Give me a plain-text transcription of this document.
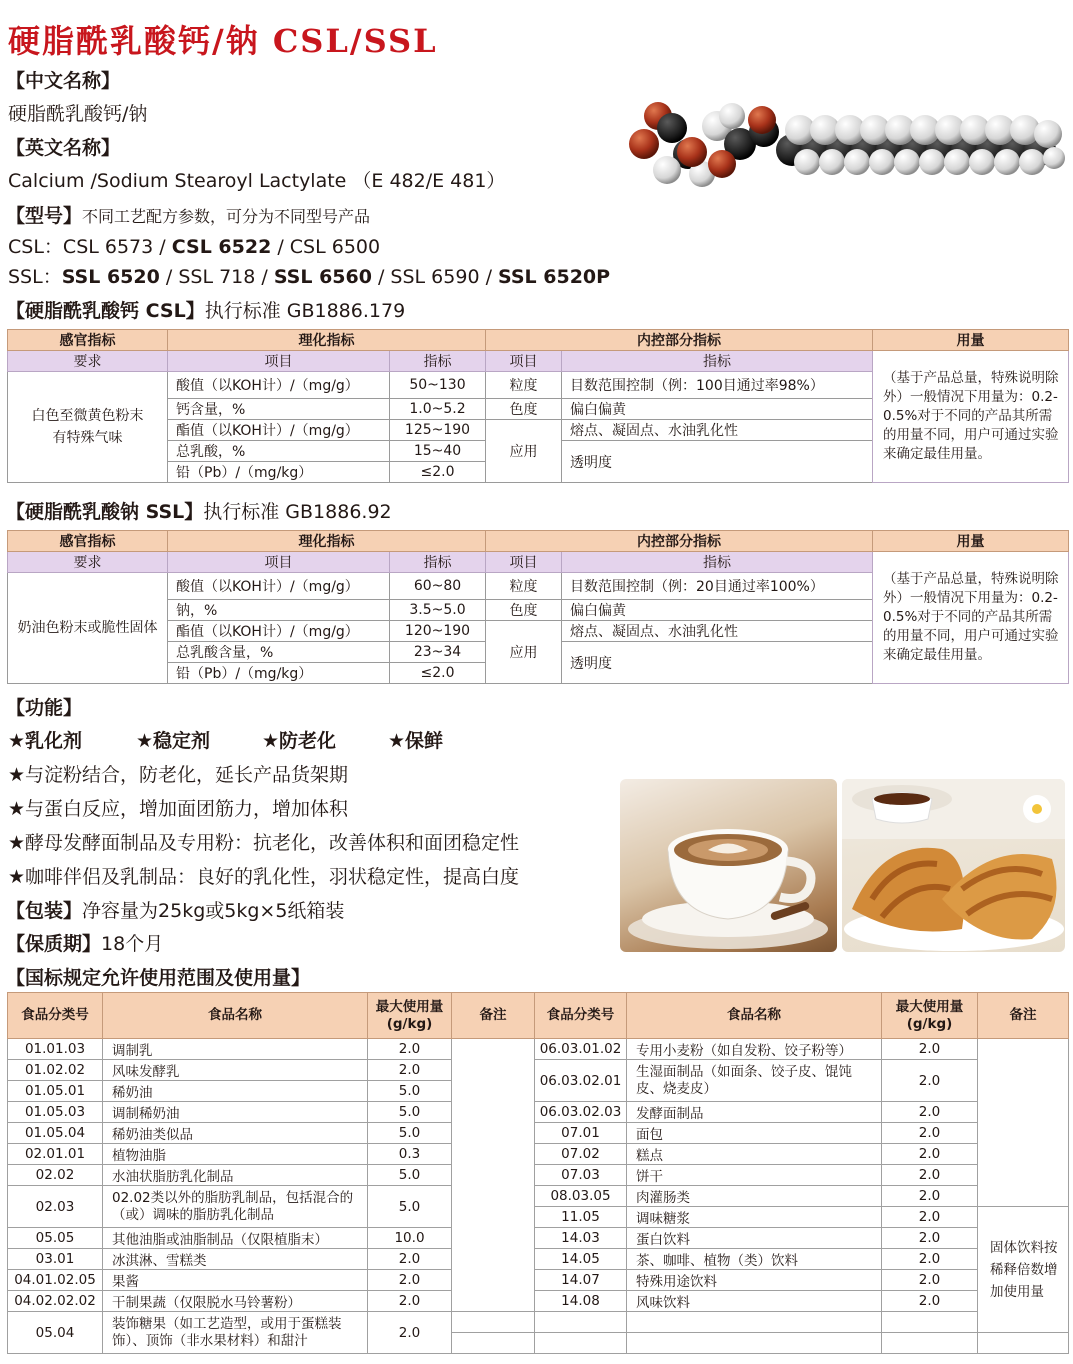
硬脂酰乳酸钙/钠 CSL/SSL
【中文名称】
硬脂酰乳酸钙/钠
【英文名称】
Calcium /Sodium Stearoyl Lactylate （E 482/E 481）
【型号】不同工艺配方参数，可分为不同型号产品
CSL：CSL 6573 / CSL 6522 / CSL 6500
SSL：SSL 6520 / SSL 718 / SSL 6560 / SSL 6590 / SSL 6520P
【硬脂酰乳酸钙 CSL】执行标准 GB1886.179
感官指标	理化指标		内控部分指标		用量
要求	项目	指标	项目	指标	（基于产品总量，特殊说明除外）一般情况下用量为：0.2-0.5%对于不同的产品其所需的用量不同，用户可通过实验来确定最佳用量。
白色至微黄色粉末有特殊气味	酸值（以KOH计）/（mg/g）	50~130	粒度	目数范围控制（例：100目通过率98%）	
	钙含量，%	1.0~5.2	色度	偏白偏黄	
	酯值（以KOH计）/（mg/g）	125~190	应用	熔点、凝固点、水油乳化性	
	总乳酸，%	15~40		透明度	
	铅（Pb）/（mg/kg）	≤2.0			
【硬脂酰乳酸钠 SSL】执行标准 GB1886.92
感官指标	理化指标		内控部分指标		用量
要求	项目	指标	项目	指标	（基于产品总量，特殊说明除外）一般情况下用量为：0.2-0.5%对于不同的产品其所需的用量不同，用户可通过实验来确定最佳用量。
奶油色粉末或脆性固体	酸值（以KOH计）/（mg/g）	60~80	粒度	目数范围控制（例：20目通过率100%）	
	钠，%	3.5~5.0	色度	偏白偏黄	
	酯值（以KOH计）/（mg/g）	120~190	应用	熔点、凝固点、水油乳化性	
	总乳酸含量，%	23~34		透明度	
	铅（Pb）/（mg/kg）	≤2.0			
【功能】
★乳化剂	★稳定剂	★防老化	★保鲜
★与淀粉结合，防老化，延长产品货架期
★与蛋白反应，增加面团筋力，增加体积
★酵母发酵面制品及专用粉：抗老化，改善体积和面团稳定性
★咖啡伴侣及乳制品：良好的乳化性，羽状稳定性，提高白度
【包装】净容量为25kg或5kg×5纸箱装
【保质期】18个月
【国标规定允许使用范围及使用量】
食品分类号	食品名称	最大使用量(g/kg)	备注	食品分类号	食品名称	最大使用量(g/kg)	备注	
01.01.03	调制乳	2.0		06.03.01.02	专用小麦粉（如自发粉、饺子粉等）	2.0		
01.02.02	风味发酵乳	2.0		06.03.02.01	生湿面制品（如面条、饺子皮、馄饨皮、烧麦皮）	2.0		
01.05.01	稀奶油	5.0						
01.05.03	调制稀奶油	5.0		06.03.02.03	发酵面制品	2.0		
01.05.04	稀奶油类似品	5.0		07.01	面包	2.0		
02.01.01	植物油脂	0.3		07.02	糕点	2.0		
02.02	水油状脂肪乳化制品	5.0		07.03	饼干	2.0		
02.03	02.02类以外的脂肪乳制品，包括混合的（或）调味的脂肪乳化制品	5.0		08.03.05	肉灌肠类	2.0		
				11.05	调味糖浆	2.0	固体饮料按稀释倍数增加使用量	
05.05	其他油脂或油脂制品（仅限植脂末）	10.0		14.03	蛋白饮料	2.0		
03.01	冰淇淋、雪糕类	2.0		14.05	茶、咖啡、植物（类）饮料	2.0		
04.01.02.05	果酱	2.0		14.07	特殊用途饮料	2.0		
04.02.02.02	干制果蔬（仅限脱水马铃薯粉）	2.0		14.08	风味饮料	2.0		
05.04	装饰糖果（如工艺造型，或用于蛋糕装饰）、顶饰（非水果材料）和甜汁	2.0						
